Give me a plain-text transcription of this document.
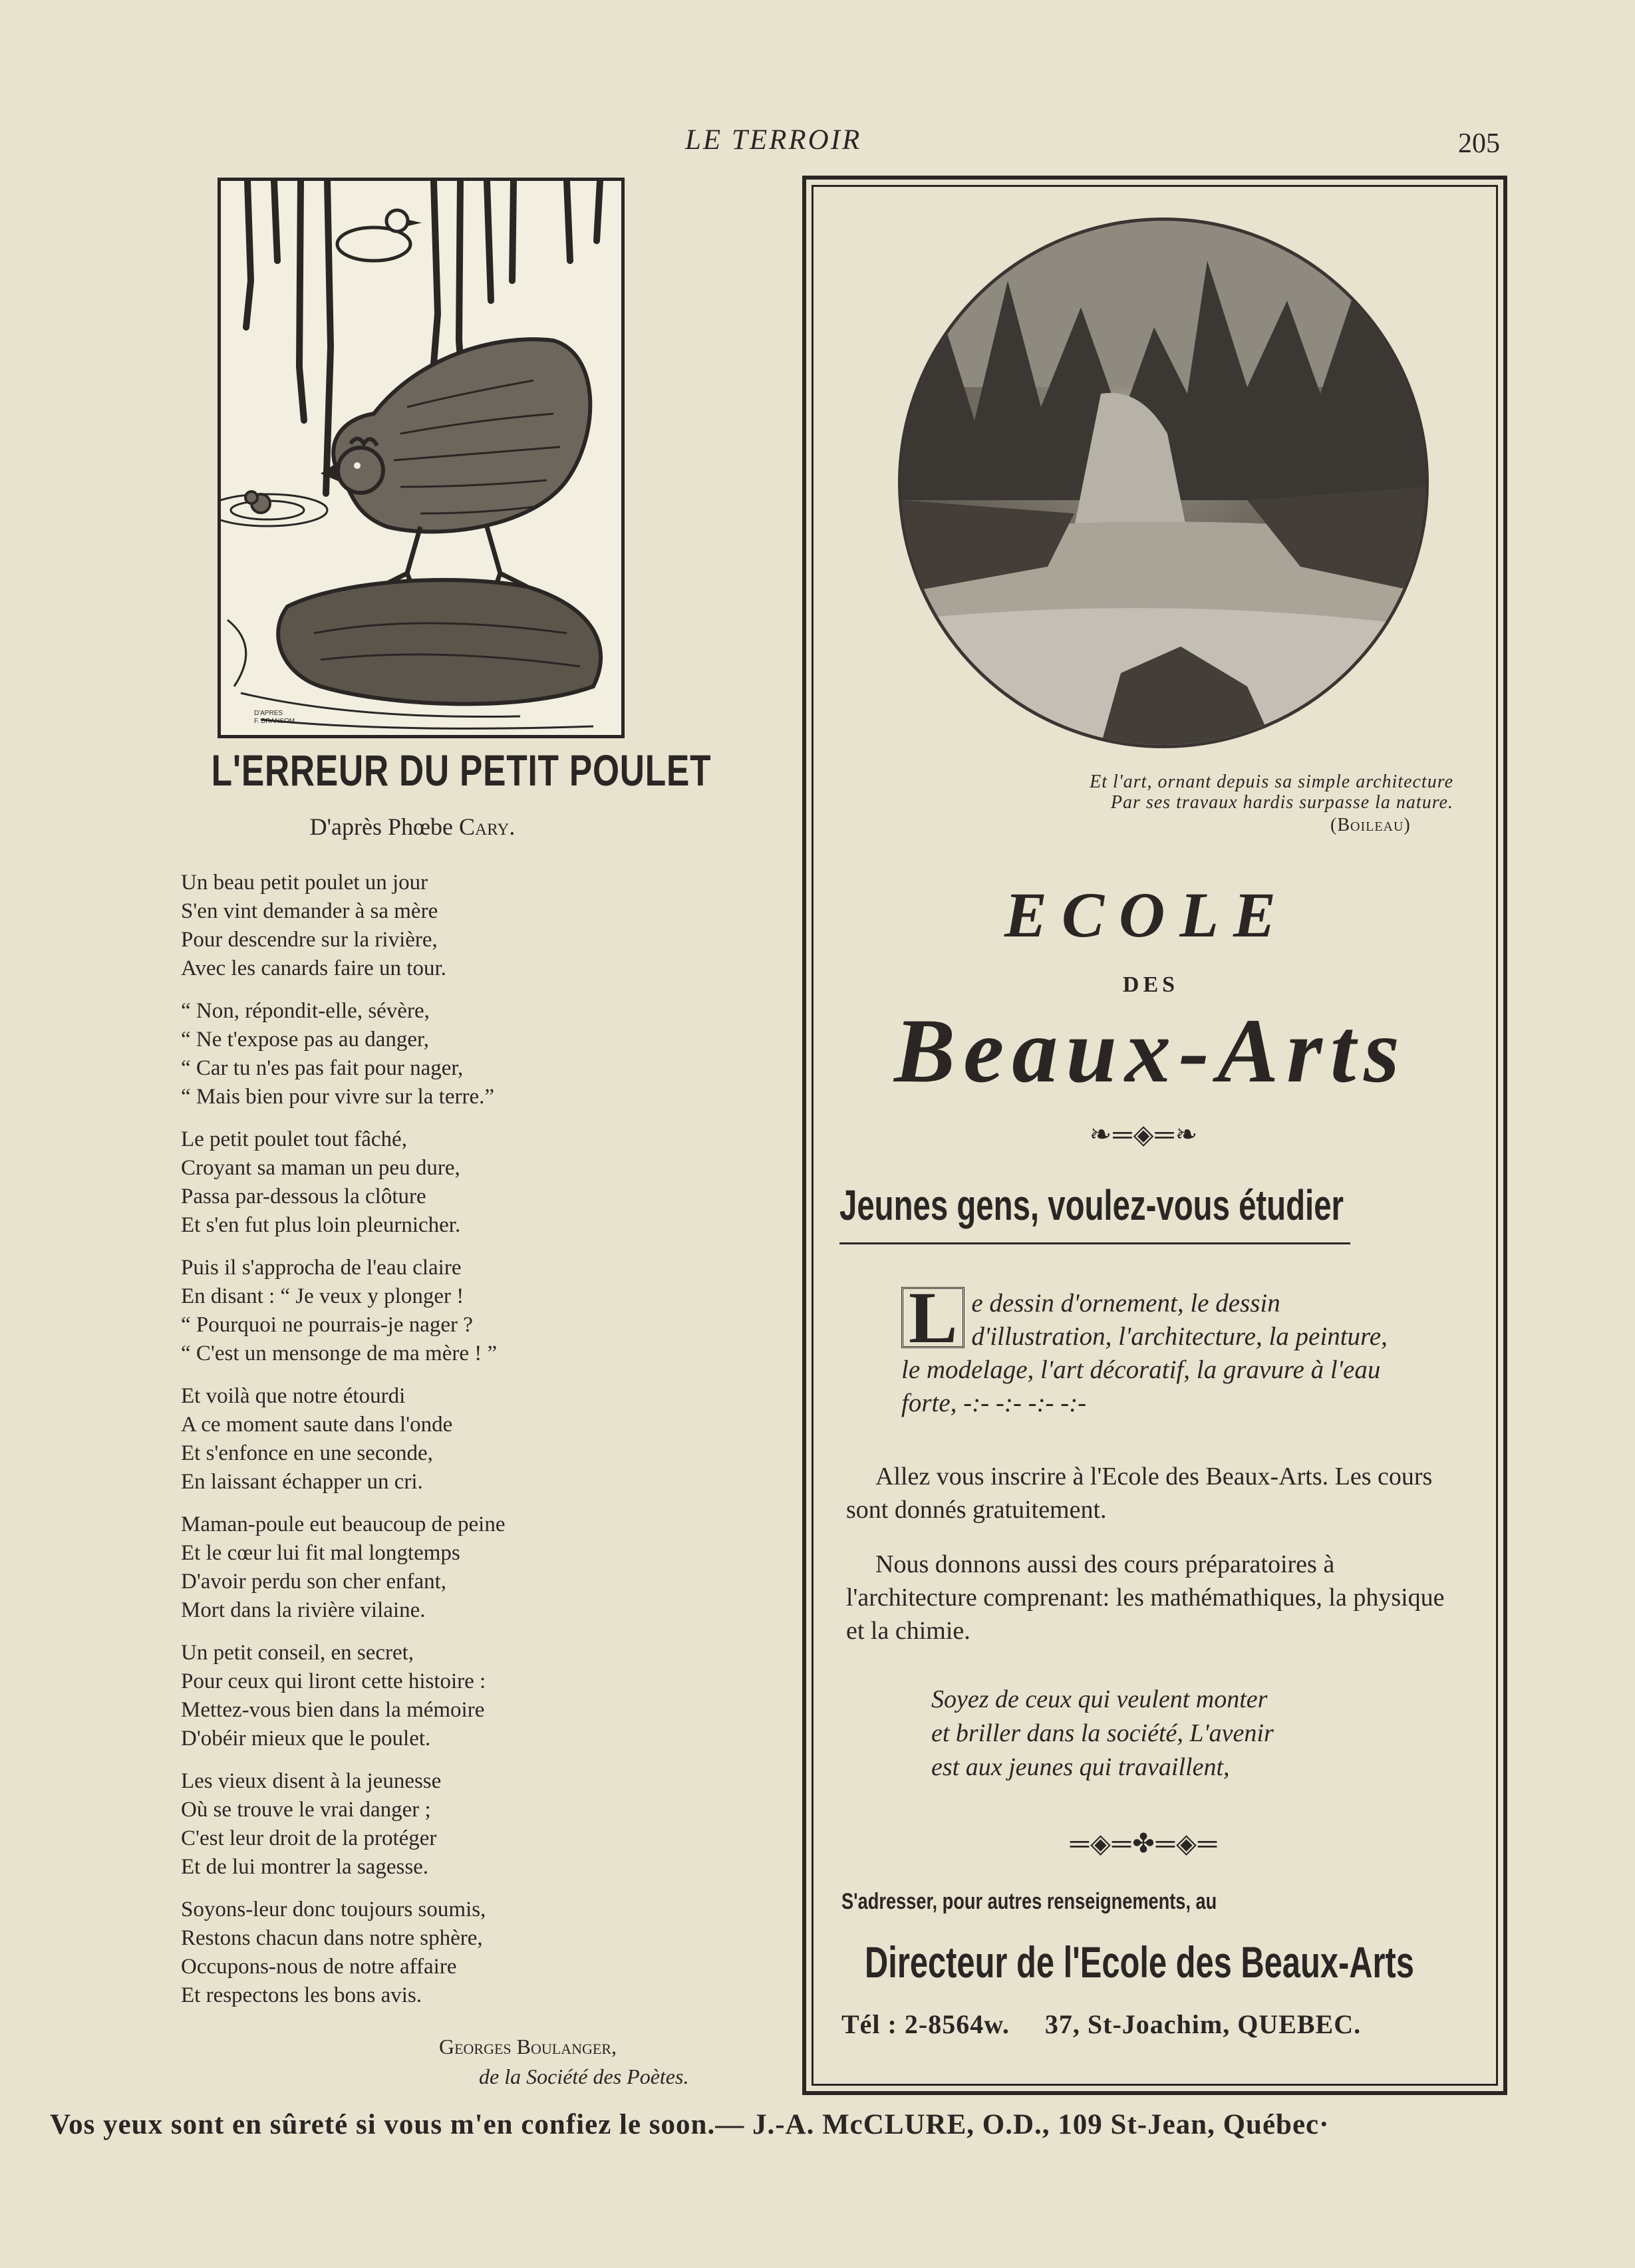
LE TERROIR	205
D'APRES
F. BRANSOM
L'ERREUR DU PETIT POULET
D'après Phœbe Cary.
Un beau petit poulet un jour
S'en vint demander à sa mère
Pour descendre sur la rivière,
Avec les canards faire un tour.
“ Non, répondit-elle, sévère,
“ Ne t'expose pas au danger,
“ Car tu n'es pas fait pour nager,
“ Mais bien pour vivre sur la terre.”
Le petit poulet tout fâché,
Croyant sa maman un peu dure,
Passa par-dessous la clôture
Et s'en fut plus loin pleurnicher.
Puis il s'approcha de l'eau claire
En disant : “ Je veux y plonger !
“ Pourquoi ne pourrais-je nager ?
“ C'est un mensonge de ma mère ! ”
Et voilà que notre étourdi
A ce moment saute dans l'onde
Et s'enfonce en une seconde,
En laissant échapper un cri.
Maman-poule eut beaucoup de peine
Et le cœur lui fit mal longtemps
D'avoir perdu son cher enfant,
Mort dans la rivière vilaine.
Un petit conseil, en secret,
Pour ceux qui liront cette histoire :
Mettez-vous bien dans la mémoire
D'obéir mieux que le poulet.
Les vieux disent à la jeunesse
Où se trouve le vrai danger ;
C'est leur droit de la protéger
Et de lui montrer la sagesse.
Soyons-leur donc toujours soumis,
Restons chacun dans notre sphère,
Occupons-nous de notre affaire
Et respectons les bons avis.
Georges Boulanger,
de la Société des Poètes.
Et l'art, ornant depuis sa simple architecture
Par ses travaux hardis surpasse la nature.
(Boileau)
ECOLE
DES
Beaux-Arts
❧═◈═❧
Jeunes gens, voulez-vous étudier
L e dessin d'ornement, le dessin d'illustration, l'architecture, la peinture, le modelage, l'art décoratif, la gravure à l'eau forte, -:- -:- -:- -:-
Allez vous inscrire à l'Ecole des Beaux-Arts. Les cours sont donnés gratuitement.
Nous donnons aussi des cours préparatoires à l'architecture comprenant: les mathémathiques, la physique et la chimie.
Soyez de ceux qui veulent monter
et briller dans la société, L'avenir
est aux jeunes qui travaillent,
═◈═✤═◈═
S'adresser, pour autres renseignements, au
Directeur de l'Ecole des Beaux-Arts
Tél : 2-8564w. 37, St-Joachim, QUEBEC.
Vos yeux sont en sûreté si vous m'en confiez le soon.— J.-A. McCLURE, O.D., 109 St-Jean, Québec·
